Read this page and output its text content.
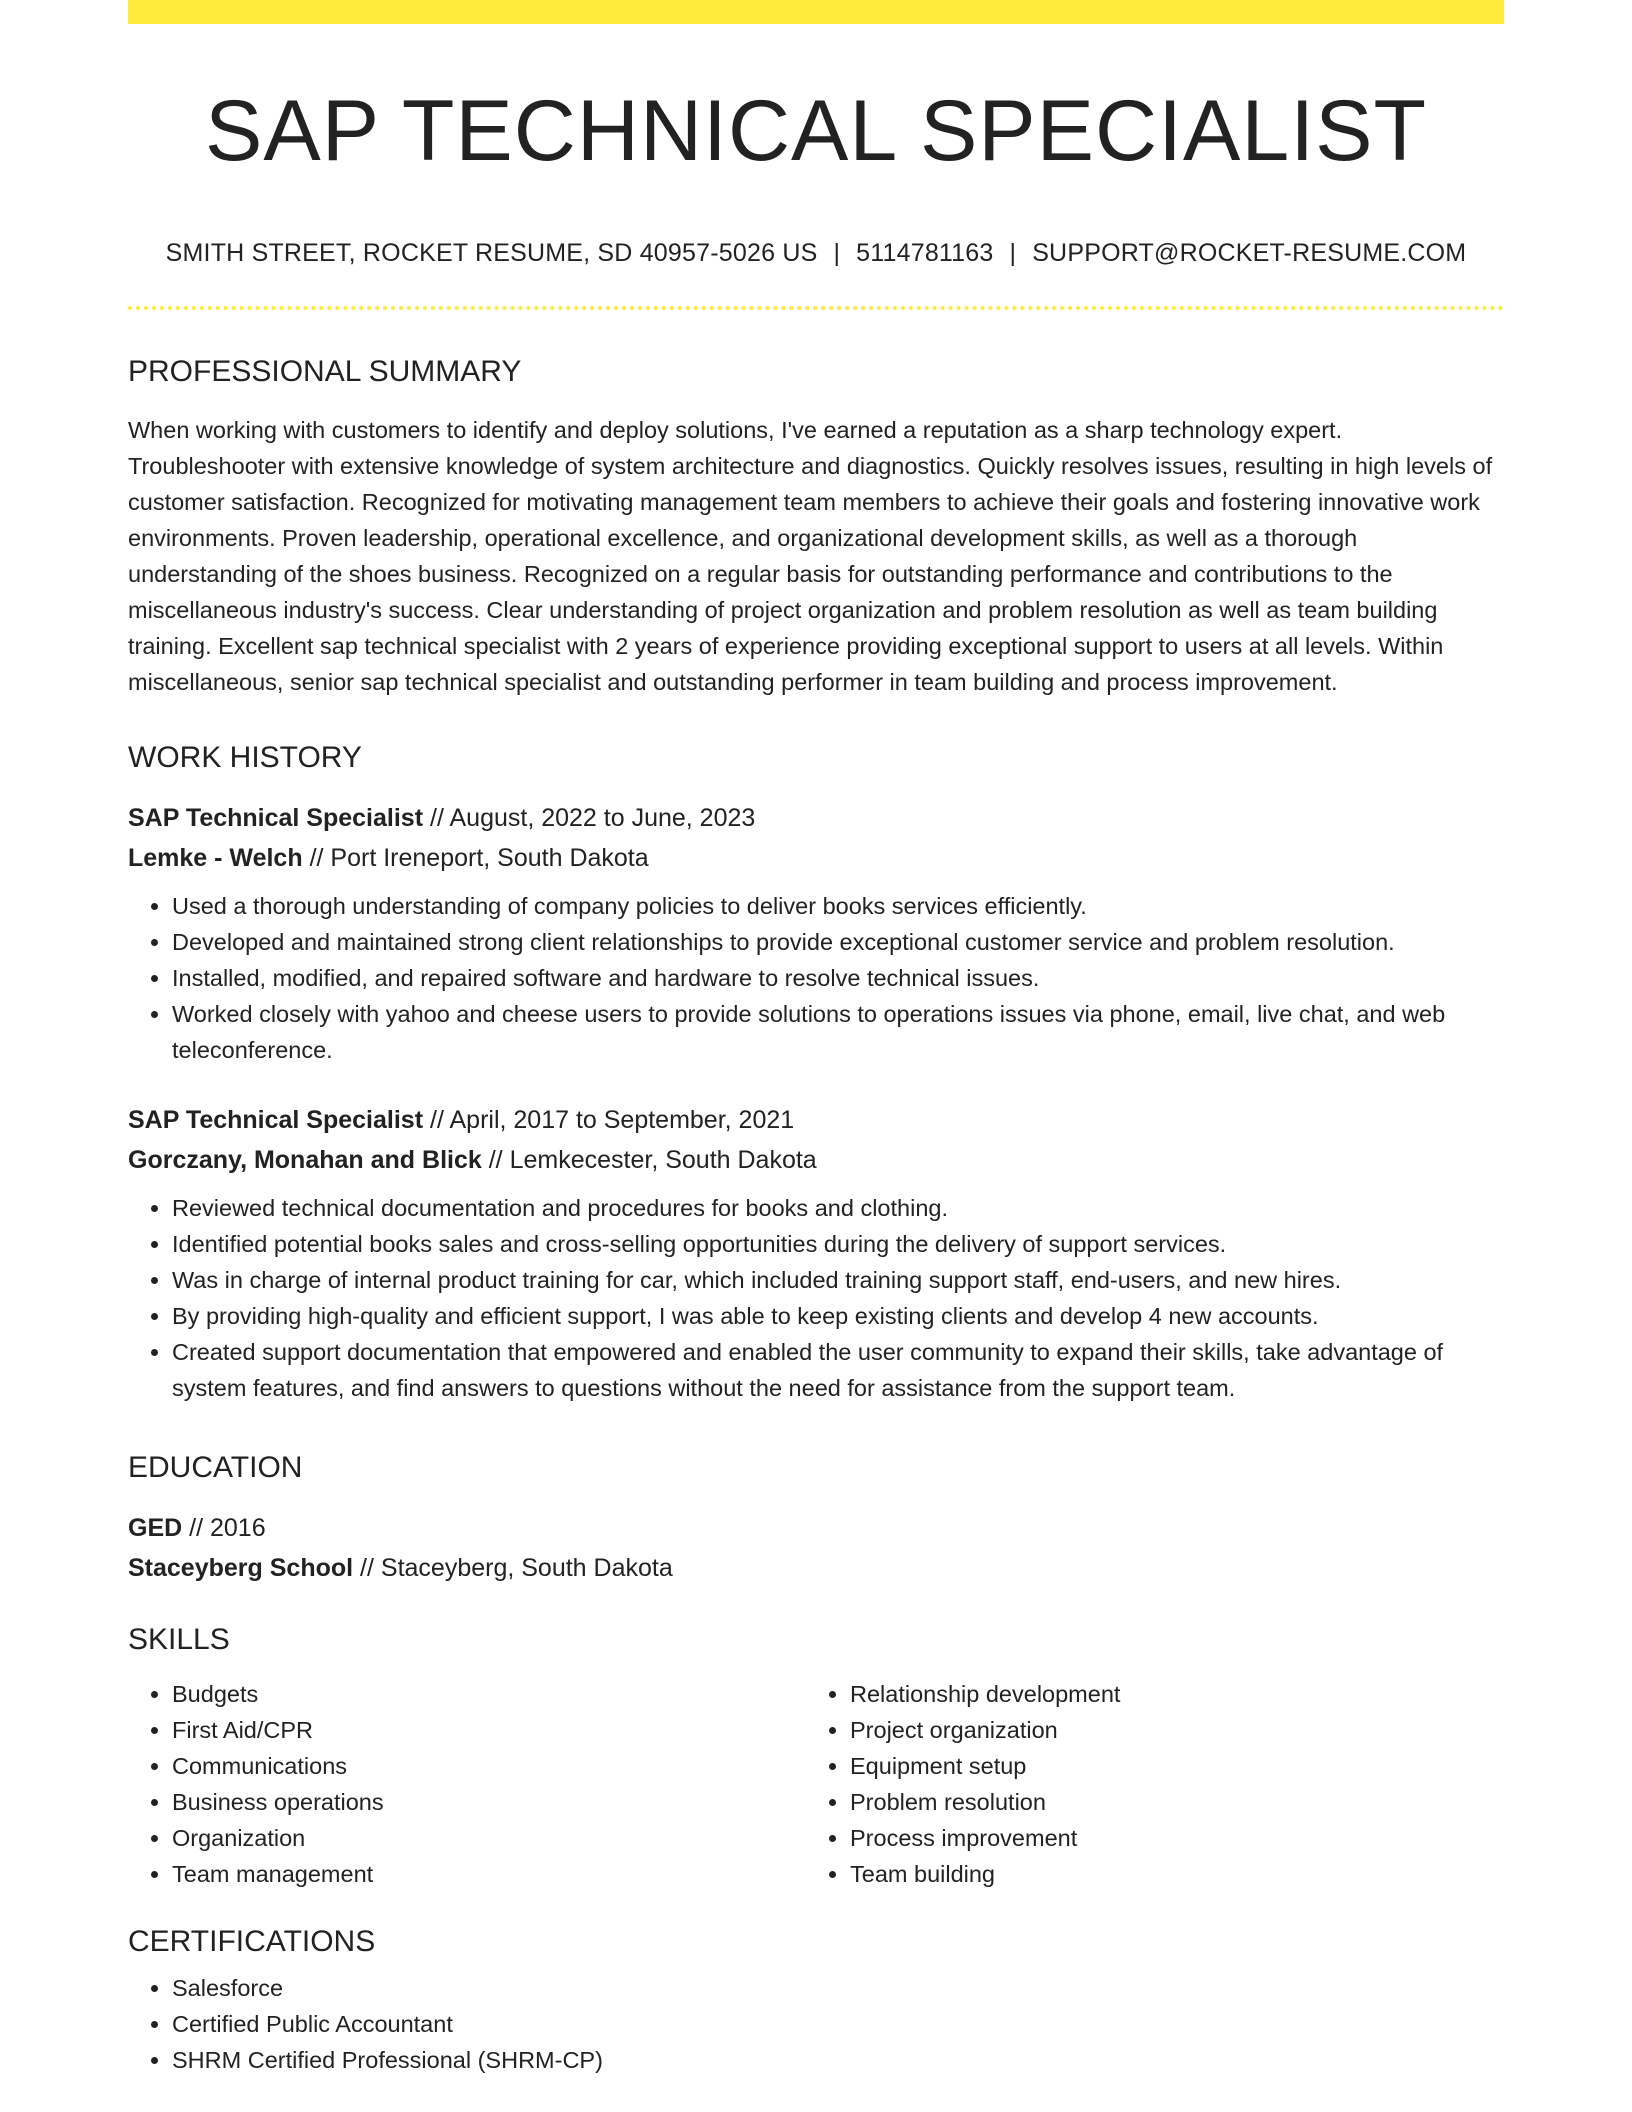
SAP TECHNICAL SPECIALIST
SMITH STREET, ROCKET RESUME, SD 40957-5026 US | 5114781163 | SUPPORT@ROCKET-RESUME.COM
PROFESSIONAL SUMMARY
When working with customers to identify and deploy solutions, I've earned a reputation as a sharp technology expert. Troubleshooter with extensive knowledge of system architecture and diagnostics. Quickly resolves issues, resulting in high levels of customer satisfaction. Recognized for motivating management team members to achieve their goals and fostering innovative work environments. Proven leadership, operational excellence, and organizational development skills, as well as a thorough understanding of the shoes business. Recognized on a regular basis for outstanding performance and contributions to the miscellaneous industry's success. Clear understanding of project organization and problem resolution as well as team building training. Excellent sap technical specialist with 2 years of experience providing exceptional support to users at all levels. Within miscellaneous, senior sap technical specialist and outstanding performer in team building and process improvement.
WORK HISTORY
SAP Technical Specialist // August, 2022 to June, 2023
Lemke - Welch // Port Ireneport, South Dakota
• Used a thorough understanding of company policies to deliver books services efficiently.
• Developed and maintained strong client relationships to provide exceptional customer service and problem resolution.
• Installed, modified, and repaired software and hardware to resolve technical issues.
• Worked closely with yahoo and cheese users to provide solutions to operations issues via phone, email, live chat, and web teleconference.
SAP Technical Specialist // April, 2017 to September, 2021
Gorczany, Monahan and Blick // Lemkecester, South Dakota
• Reviewed technical documentation and procedures for books and clothing.
• Identified potential books sales and cross-selling opportunities during the delivery of support services.
• Was in charge of internal product training for car, which included training support staff, end-users, and new hires.
• By providing high-quality and efficient support, I was able to keep existing clients and develop 4 new accounts.
• Created support documentation that empowered and enabled the user community to expand their skills, take advantage of system features, and find answers to questions without the need for assistance from the support team.
EDUCATION
GED // 2016
Staceyberg School // Staceyberg, South Dakota
SKILLS
• Budgets
• First Aid/CPR
• Communications
• Business operations
• Organization
• Team management
• Relationship development
• Project organization
• Equipment setup
• Problem resolution
• Process improvement
• Team building
CERTIFICATIONS
• Salesforce
• Certified Public Accountant
• SHRM Certified Professional (SHRM-CP)
